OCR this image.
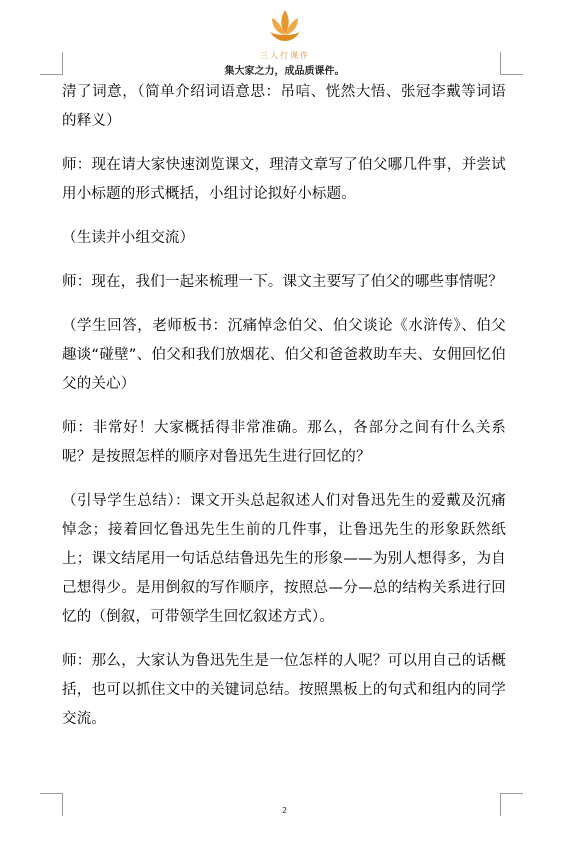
三人行课件
集大家之力，成品质课件。

清了词意，（简单介绍词语意思：吊唁、恍然大悟、张冠李戴等词语的释义）

师：现在请大家快速浏览课文，理清文章写了伯父哪几件事，并尝试用小标题的形式概括，小组讨论拟好小标题。

（生读并小组交流）

师：现在，我们一起来梳理一下。课文主要写了伯父的哪些事情呢？

（学生回答，老师板书：沉痛悼念伯父、伯父谈论《水浒传》、伯父趣谈“碰壁”、伯父和我们放烟花、伯父和爸爸救助车夫、女佣回忆伯父的关心）

师：非常好！大家概括得非常准确。那么，各部分之间有什么关系呢？是按照怎样的顺序对鲁迅先生进行回忆的？

（引导学生总结）：课文开头总起叙述人们对鲁迅先生的爱戴及沉痛悼念；接着回忆鲁迅先生生前的几件事，让鲁迅先生的形象跃然纸上；课文结尾用一句话总结鲁迅先生的形象——为别人想得多，为自己想得少。是用倒叙的写作顺序，按照总—分—总的结构关系进行回忆的（倒叙，可带领学生回忆叙述方式）。

师：那么，大家认为鲁迅先生是一位怎样的人呢？可以用自己的话概括，也可以抓住文中的关键词总结。按照黑板上的句式和组内的同学交流。

2
